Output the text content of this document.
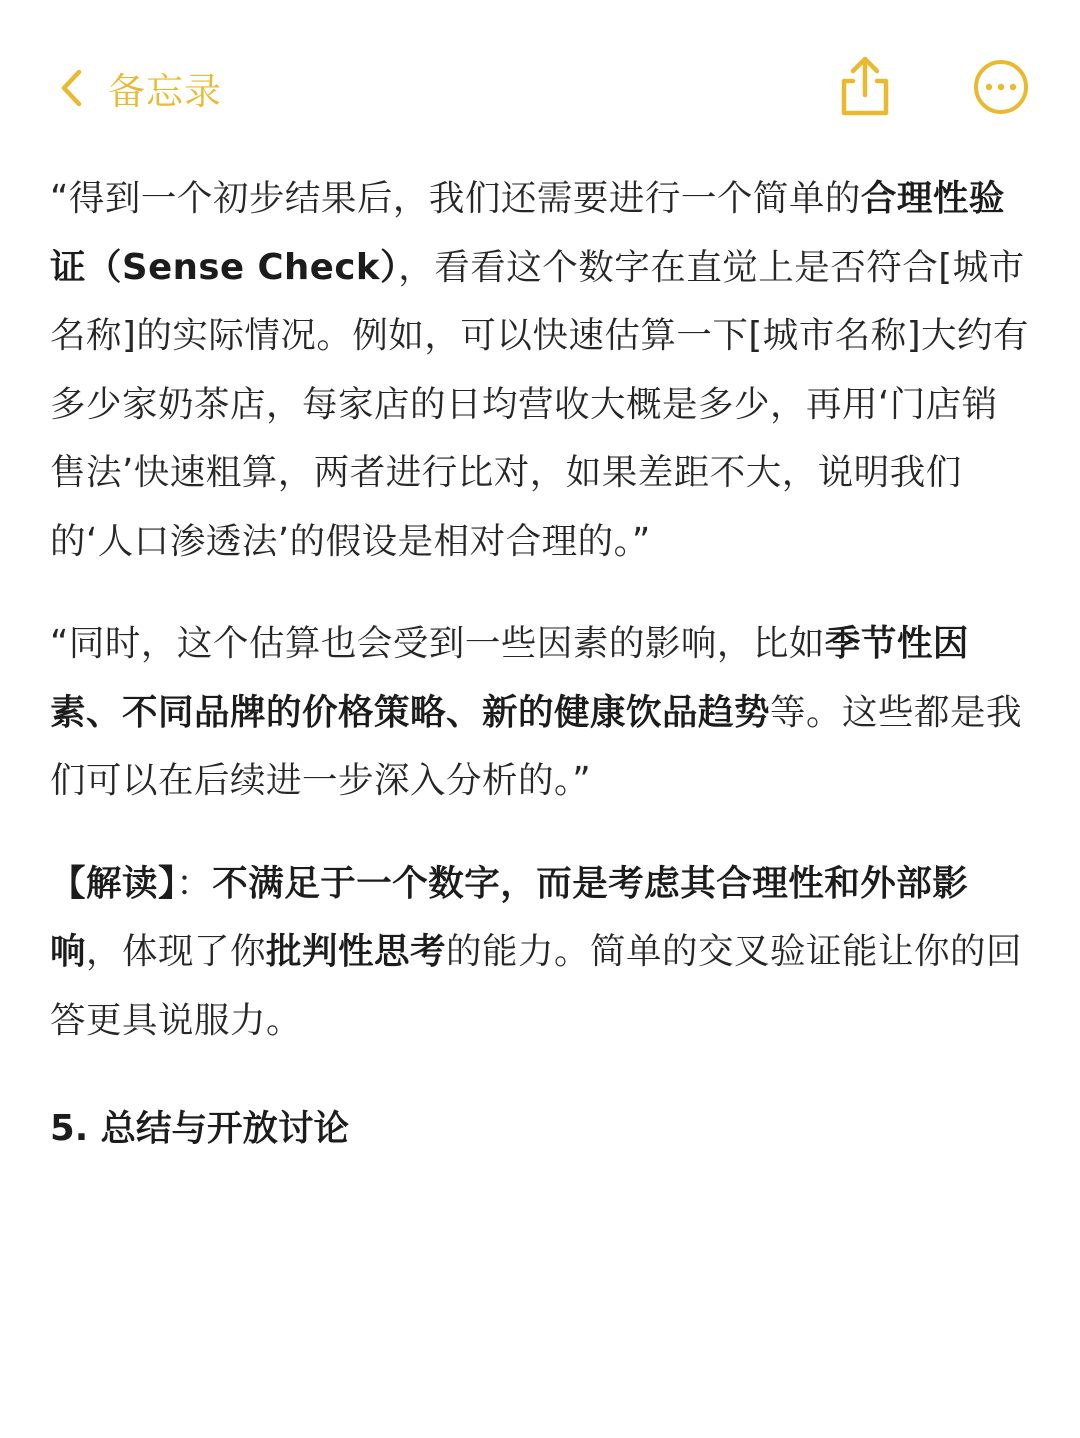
备忘录

“得到一个初步结果后，我们还需要进行一个简单的合理性验证（Sense Check），看看这个数字在直觉上是否符合[城市名称]的实际情况。例如，可以快速估算一下[城市名称]大约有多少家奶茶店，每家店的日均营收大概是多少，再用‘门店销售法’快速粗算，两者进行比对，如果差距不大，说明我们的‘人口渗透法’的假设是相对合理的。”

“同时，这个估算也会受到一些因素的影响，比如季节性因素、不同品牌的价格策略、新的健康饮品趋势等。这些都是我们可以在后续进一步深入分析的。”

【解读】：不满足于一个数字，而是考虑其合理性和外部影响，体现了你批判性思考的能力。简单的交叉验证能让你的回答更具说服力。

5. 总结与开放讨论
